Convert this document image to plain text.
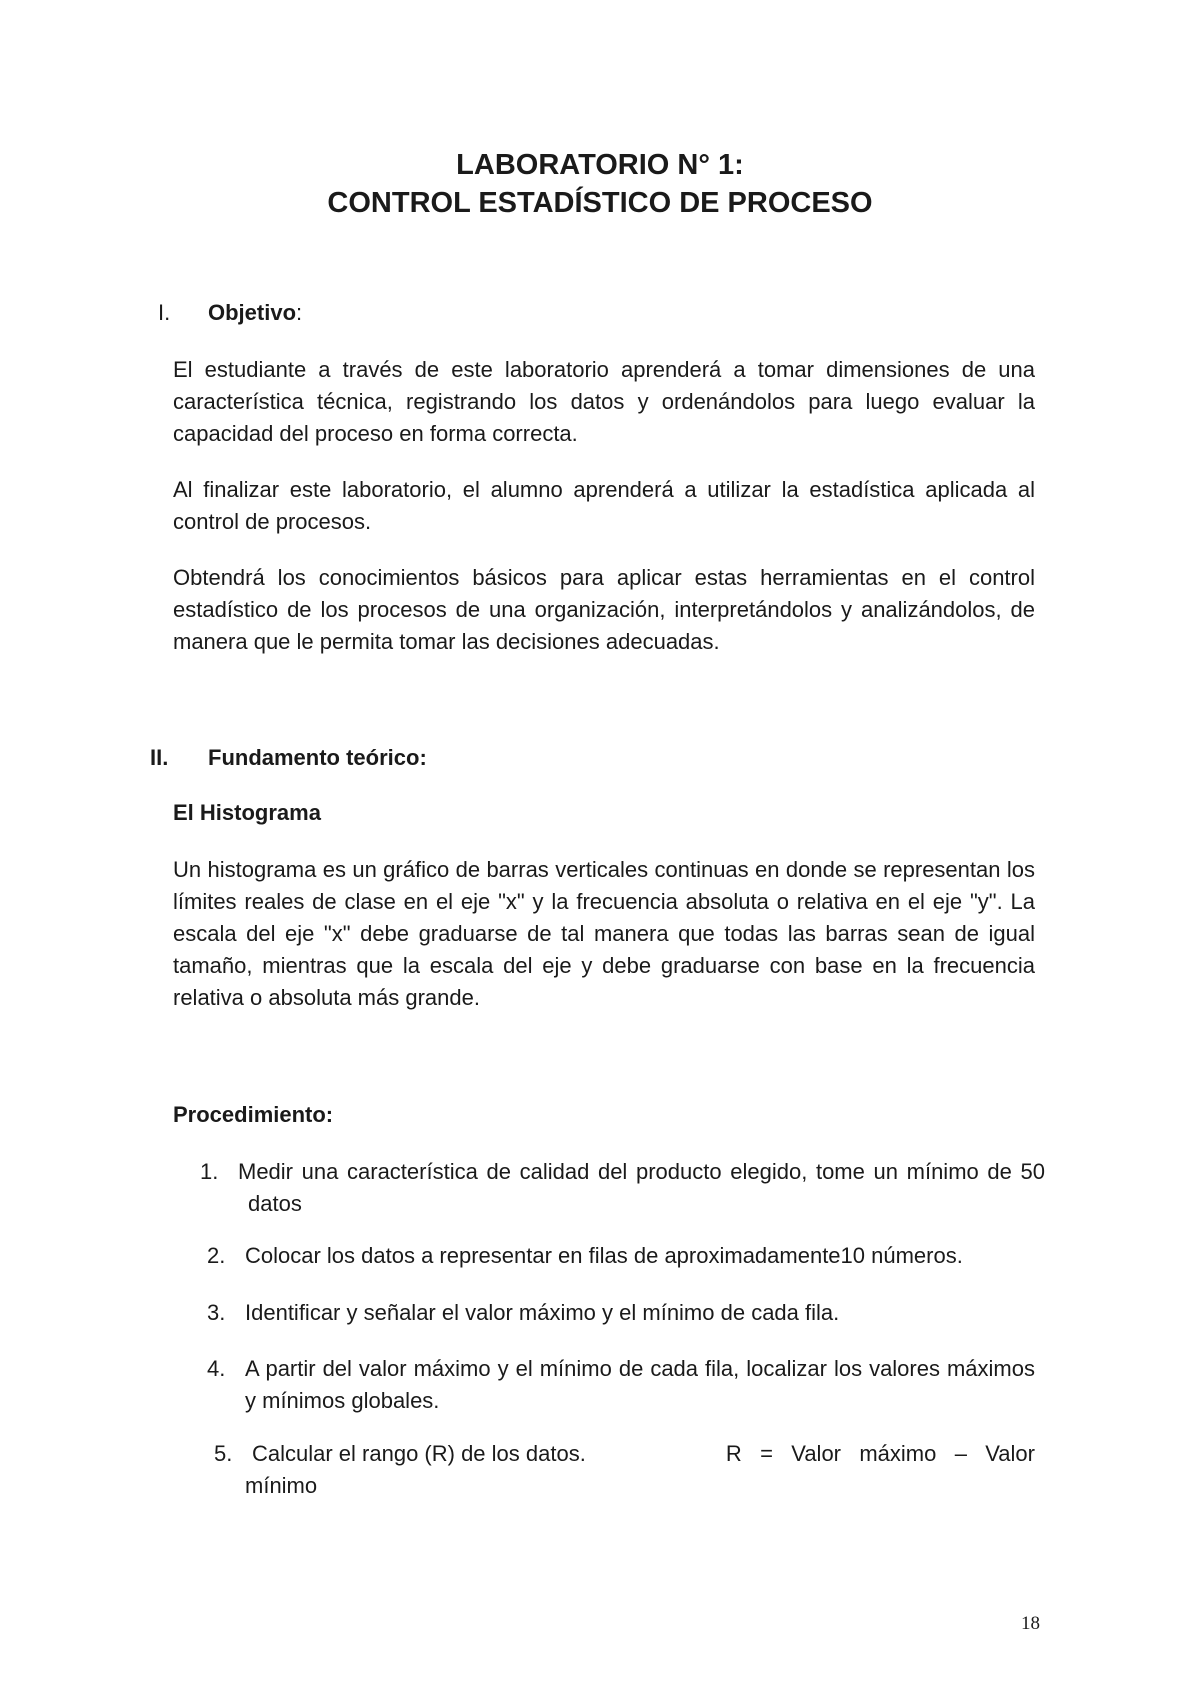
LABORATORIO N° 1:
CONTROL ESTADÍSTICO DE PROCESO
I. Objetivo:

El estudiante a través de este laboratorio aprenderá a tomar dimensiones de una característica técnica, registrando los datos y ordenándolos para luego evaluar la capacidad del proceso en forma correcta.

Al finalizar este laboratorio, el alumno aprenderá a utilizar la estadística aplicada al control de procesos.

Obtendrá los conocimientos básicos para aplicar estas herramientas en el control estadístico de los procesos de una organización, interpretándolos y analizándolos, de manera que le permita tomar las decisiones adecuadas.

II. Fundamento teórico:
El Histograma

Un histograma es un gráfico de barras verticales continuas en donde se representan los límites reales de clase en el eje "x" y la frecuencia absoluta o relativa en el eje "y". La escala del eje "x" debe graduarse de tal manera que todas las barras sean de igual tamaño, mientras que la escala del eje y debe graduarse con base en la frecuencia relativa o absoluta más grande.

Procedimiento:
1. Medir una característica de calidad del producto elegido, tome un mínimo de 50 datos
2. Colocar los datos a representar en filas de aproximadamente10 números.
3. Identificar y señalar el valor máximo y el mínimo de cada fila.
4. A partir del valor máximo y el mínimo de cada fila, localizar los valores máximos y mínimos globales.
5. Calcular el rango (R) de los datos.	R   =   Valor   máximo   –   Valor
mínimo
18
